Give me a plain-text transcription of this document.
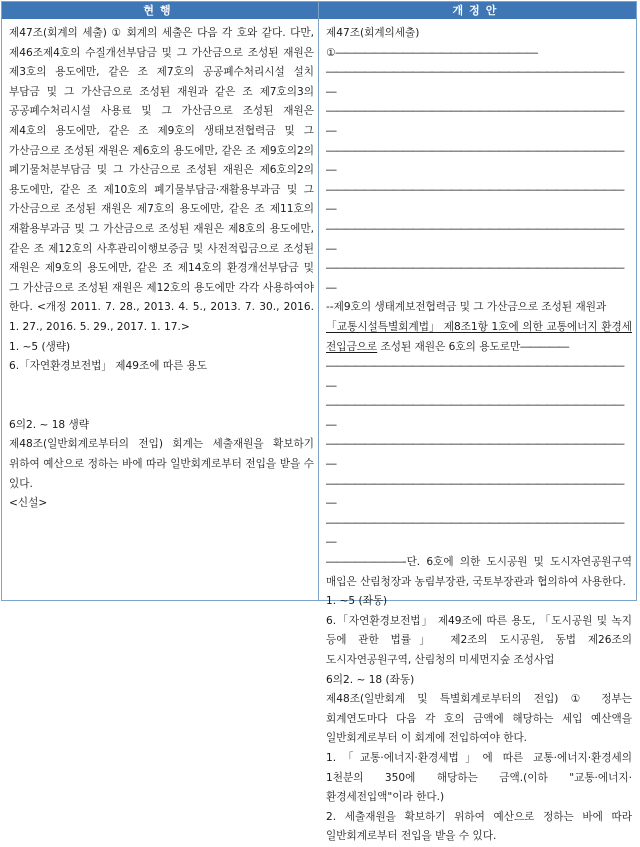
현행	개정안

제47조(회계의 세출) ① 회계의 세출은 다음 각 호와 같다. 다만, 제46조제4호의 수질개선부담금 및 그 가산금으로 조성된 재원은 제3호의 용도에만, 같은 조 제7호의 공공폐수처리시설 설치 부담금 및 그 가산금으로 조성된 재원과 같은 조 제7호의3의 공공폐수처리시설 사용료 및 그 가산금으로 조성된 재원은 제4호의 용도에만, 같은 조 제9호의 생태보전협력금 및 그 가산금으로 조성된 재원은 제6호의 용도에만, 같은 조 제9호의2의 폐기물처분부담금 및 그 가산금으로 조성된 재원은 제6호의2의 용도에만, 같은 조 제10호의 폐기물부담금·재활용부과금 및 그 가산금으로 조성된 재원은 제7호의 용도에만, 같은 조 제11호의 재활용부과금 및 그 가산금으로 조성된 재원은 제8호의 용도에만, 같은 조 제12호의 사후관리이행보증금 및 사전적립금으로 조성된 재원은 제9호의 용도에만, 같은 조 제14호의 환경개선부담금 및 그 가산금으로 조성된 재원은 제12호의 용도에만 각각 사용하여야 한다. <개정 2011. 7. 28., 2013. 4. 5., 2013. 7. 30., 2016. 1. 27., 2016. 5. 29., 2017. 1. 17.>

1. ~5 (생략)

6.「자연환경보전법」 제49조에 따른 용도

6의2. ~ 18 생략

제48조(일반회계로부터의 전입) 회계는 세출재원을 확보하기 위하여 예산으로 정하는 바에 따라 일반회계로부터 전입을 받을 수 있다.

<신설>

제47조(회계의세출) ①―――――――――――――――――――――

――――――――――――――――――――――――――――――――

――――――――――――――――――――――――――――――――

――――――――――――――――――――――――――――――――

――――――――――――――――――――――――――――――――

――――――――――――――――――――――――――――――――

――――――――――――――――――――――――――――――――

--제9호의 생태계보전협력금 및 그 가산금으로 조성된 재원과

「교통시설특별회계법」 제8조1항 1호에 의한 교통에너지 환경세 전입금으로 조성된 재원은 6호의 용도로만―――――

――――――――――――――――――――――――――――――――

――――――――――――――――――――――――――――――――

――――――――――――――――――――――――――――――――

――――――――――――――――――――――――――――――――

――――――――――――――――――――――――――――――――

――――――――-단. 6호에 의한 도시공원 및 도시자연공원구역 매입은 산림청장과 농림부장관, 국토부장관과 협의하여 사용한다.

1. ~5 (좌동)

6.「자연환경보전법」 제49조에 따른 용도, 「도시공원 및 녹지 등에 관한 법률」 제2조의 도시공원, 동법 제26조의 도시자연공원구역, 산림청의 미세먼지숲 조성사업

6의2. ~ 18 (좌동)

제48조(일반회계 및 특별회계로부터의 전입) ① 정부는 회계연도마다 다음 각 호의 금액에 해당하는 세입 예산액을 일반회계로부터 이 회계에 전입하여야 한다.

1.「교통·에너지·환경세법」에 따른 교통·에너지·환경세의 1천분의 350에 해당하는 금액.(이하 "교통·에너지·환경세전입액"이라 한다.)

2. 세출재원을 확보하기 위하여 예산으로 정하는 바에 따라 일반회계로부터 전입을 받을 수 있다.
